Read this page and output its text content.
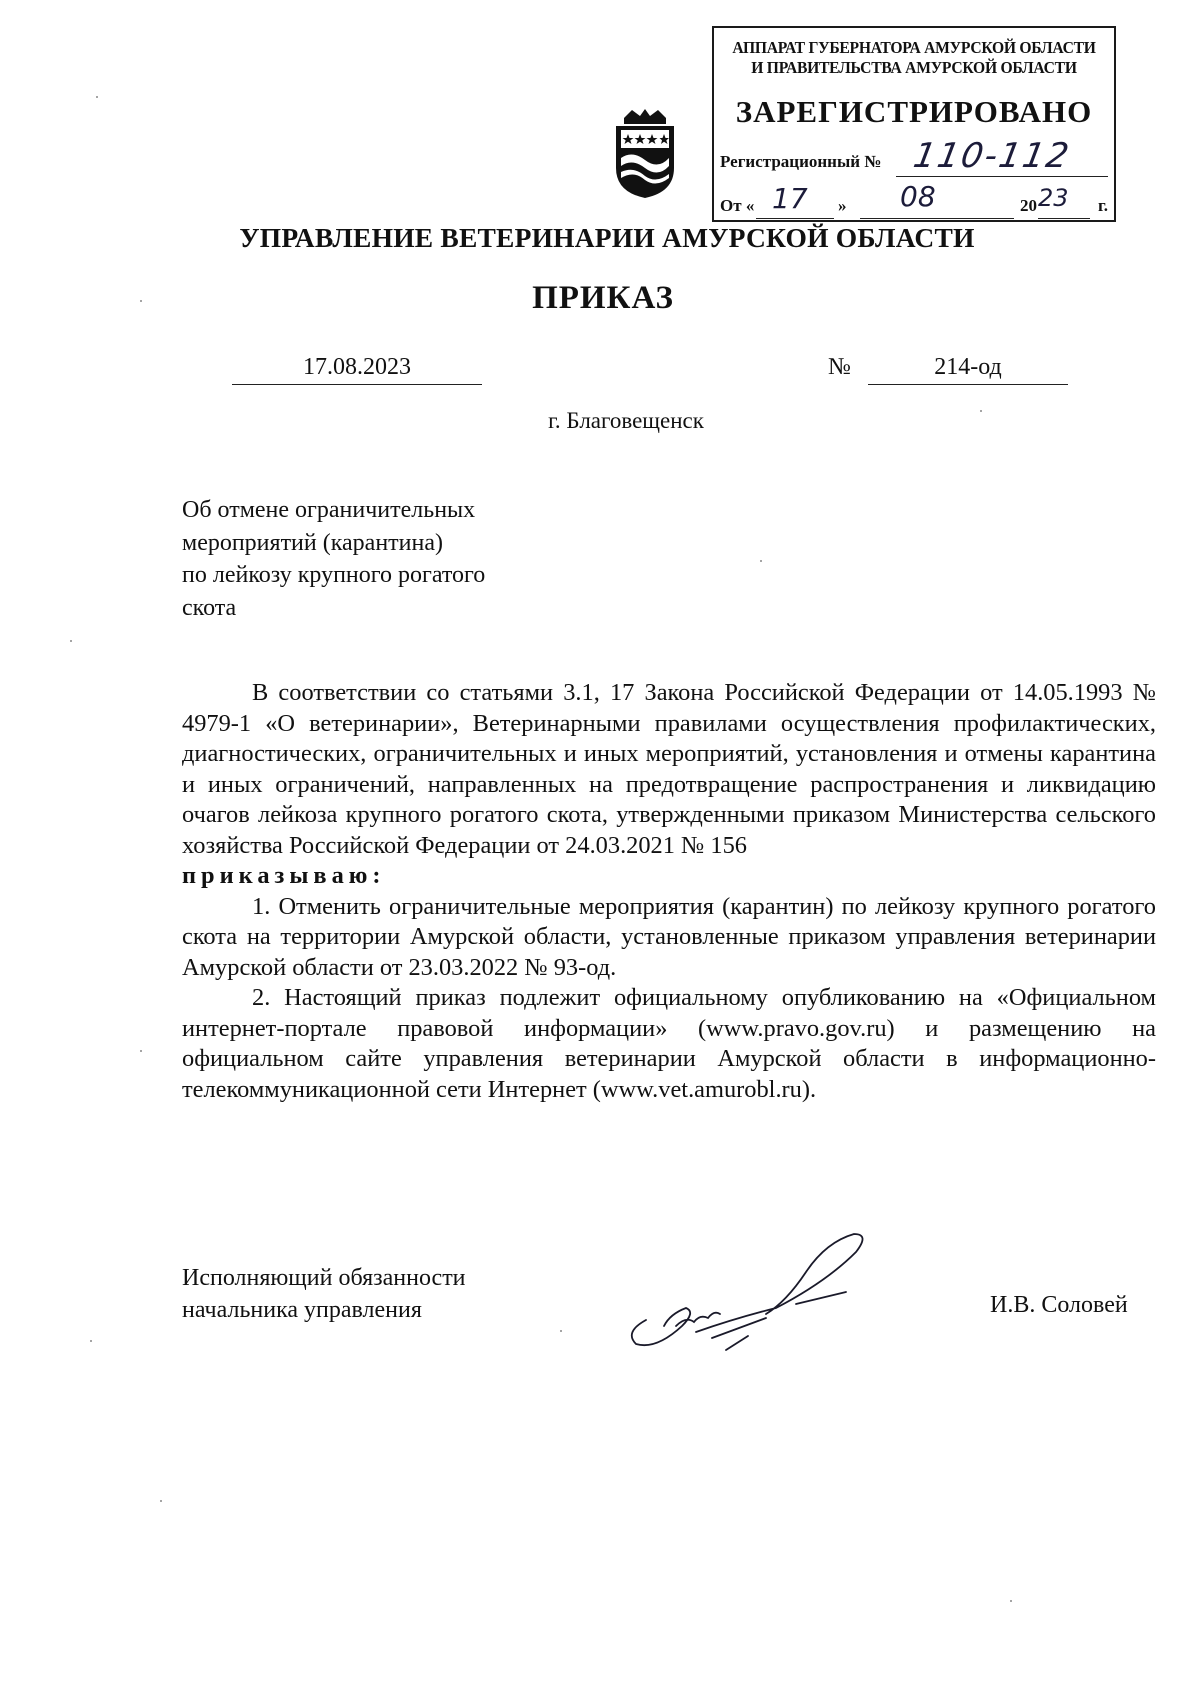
АППАРАТ ГУБЕРНАТОРА АМУРСКОЙ ОБЛАСТИ
И ПРАВИТЕЛЬСТВА АМУРСКОЙ ОБЛАСТИ
ЗАРЕГИСТРИРОВАНО
Регистрационный № 110-112
От « 17 » 08	20 23 г.
УПРАВЛЕНИЕ ВЕТЕРИНАРИИ АМУРСКОЙ ОБЛАСТИ
ПРИКАЗ
17.08.2023	№	214-од
г. Благовещенск
Об отмене ограничительных
мероприятий (карантина)
по лейкозу крупного рогатого
скота

В соответствии со статьями 3.1, 17 Закона Российской Федерации от 14.05.1993 № 4979-1 «О ветеринарии», Ветеринарными правилами осуществления профилактических, диагностических, ограничительных и иных мероприятий, установления и отмены карантина и иных ограничений, направленных на предотвращение распространения и ликвидацию очагов лейкоза крупного рогатого скота, утвержденными приказом Министерства сельского хозяйства Российской Федерации от 24.03.2021 № 156

приказываю:

1. Отменить ограничительные мероприятия (карантин) по лейкозу крупного рогатого скота на территории Амурской области, установленные приказом управления ветеринарии Амурской области от 23.03.2022 № 93-од.

2. Настоящий приказ подлежит официальному опубликованию на «Официальном интернет-портале правовой информации» (www.pravo.gov.ru) и размещению на официальном сайте управления ветеринарии Амурской области в информационно-телекоммуникационной сети Интернет (www.vet.amurobl.ru).

Исполняющий обязанности
начальника управления	И.В. Соловей
